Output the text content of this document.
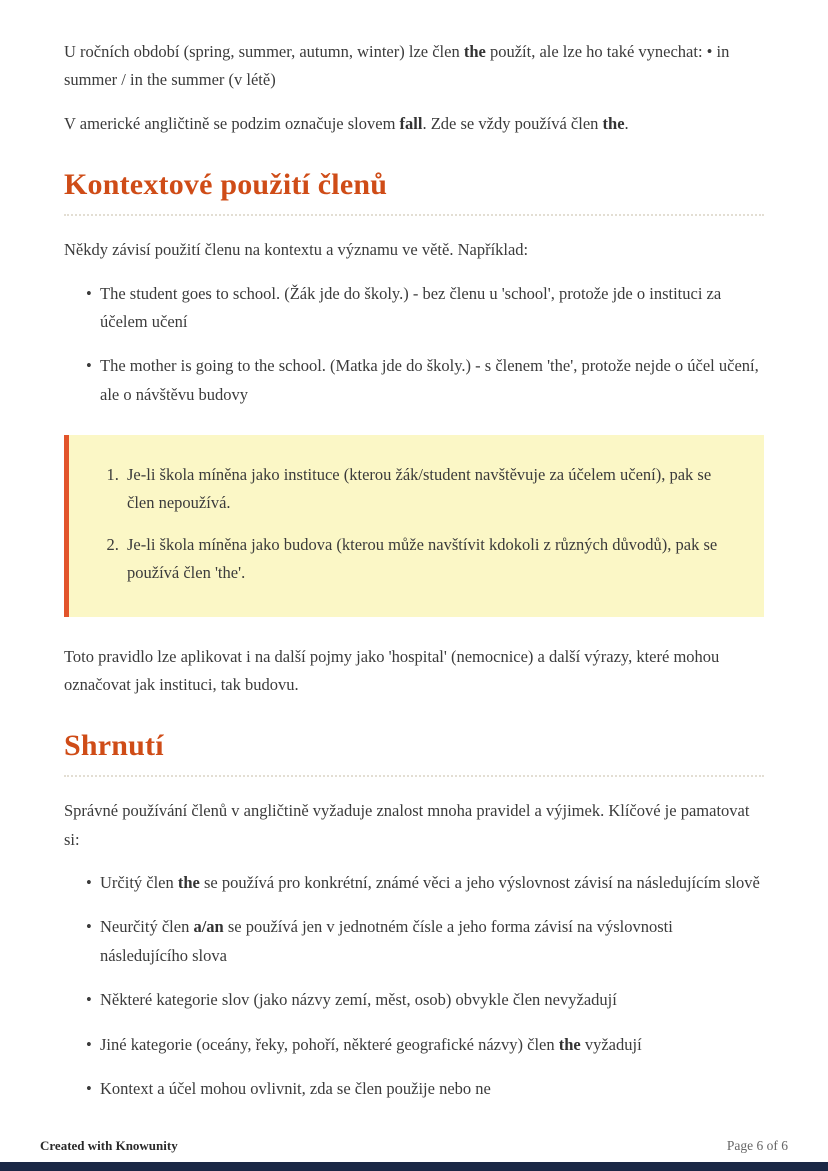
U ročních období (spring, summer, autumn, winter) lze člen the použít, ale lze ho také vynechat: • in summer / in the summer (v létě)

V americké angličtině se podzim označuje slovem fall. Zde se vždy používá člen the.

Kontextové použití členů

Někdy závisí použití členu na kontextu a významu ve větě. Například:

• The student goes to school. (Žák jde do školy.) - bez členu u 'school', protože jde o instituci za účelem učení
• The mother is going to the school. (Matka jde do školy.) - s členem 'the', protože nejde o účel učení, ale o návštěvu budovy
1. Je-li škola míněna jako instituce (kterou žák/student navštěvuje za účelem učení), pak se člen nepoužívá.
2. Je-li škola míněna jako budova (kterou může navštívit kdokoli z různých důvodů), pak se používá člen 'the'.

Toto pravidlo lze aplikovat i na další pojmy jako 'hospital' (nemocnice) a další výrazy, které mohou označovat jak instituci, tak budovu.

Shrnutí

Správné používání členů v angličtině vyžaduje znalost mnoha pravidel a výjimek. Klíčové je pamatovat si:

• Určitý člen the se používá pro konkrétní, známé věci a jeho výslovnost závisí na následujícím slově
• Neurčitý člen a/an se používá jen v jednotném čísle a jeho forma závisí na výslovnosti následujícího slova
• Některé kategorie slov (jako názvy zemí, měst, osob) obvykle člen nevyžadují
• Jiné kategorie (oceány, řeky, pohoří, některé geografické názvy) člen the vyžadují
• Kontext a účel mohou ovlivnit, zda se člen použije nebo ne
Created with Knowunity	Page 6 of 6
